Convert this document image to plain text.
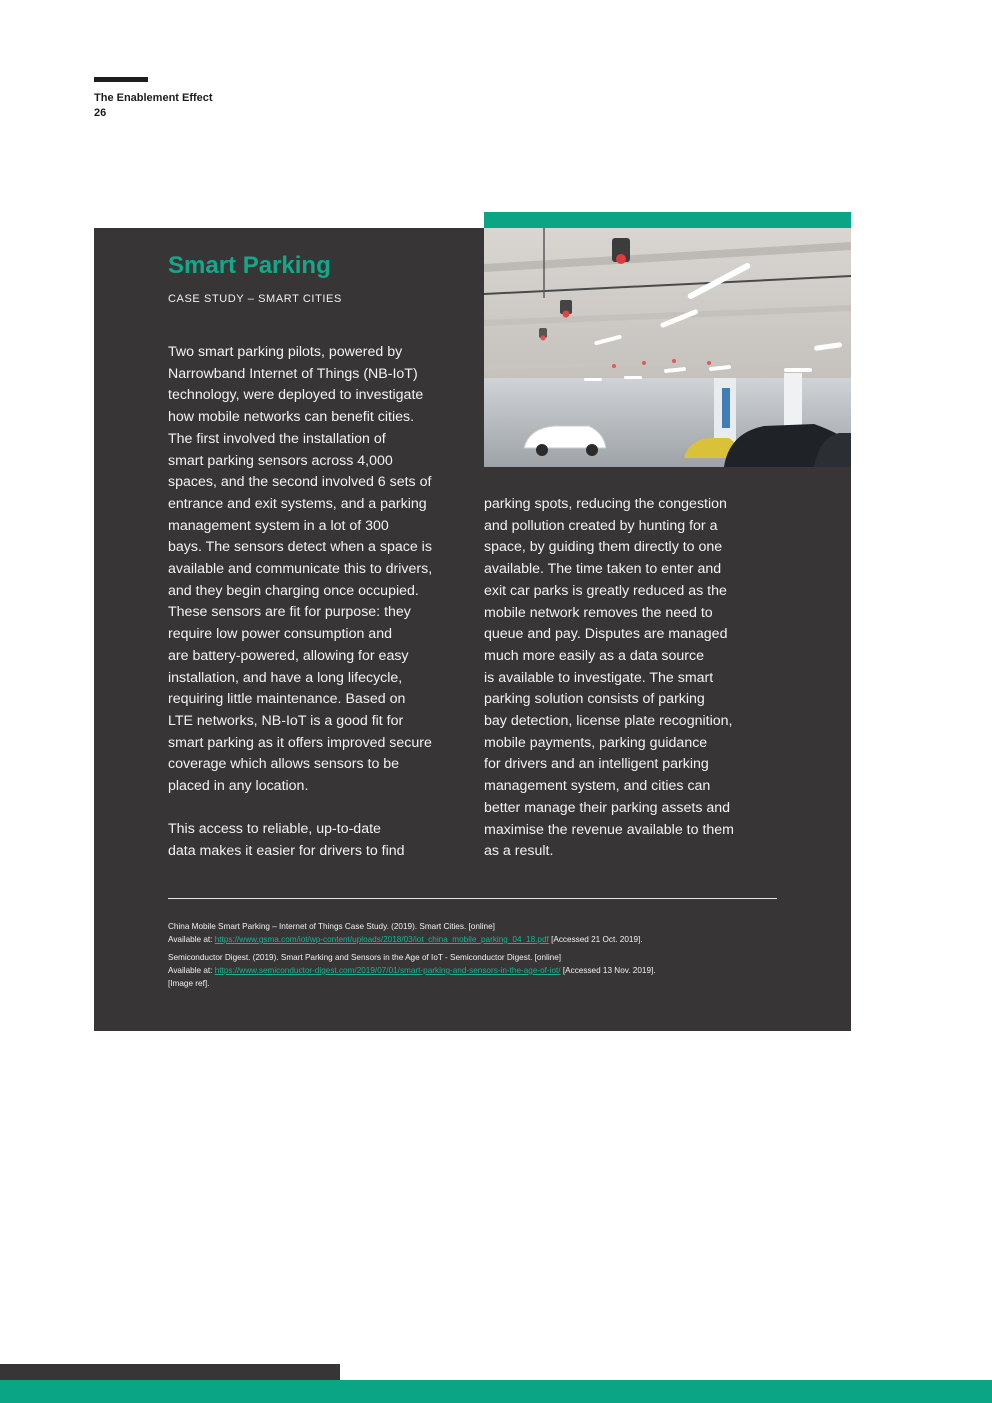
The Enablement Effect
26
Smart Parking
CASE STUDY – SMART CITIES

Two smart parking pilots, powered by
Narrowband Internet of Things (NB-IoT)
technology, were deployed to investigate
how mobile networks can benefit cities.
The first involved the installation of
smart parking sensors across 4,000
spaces, and the second involved 6 sets of
entrance and exit systems, and a parking
management system in a lot of 300
bays. The sensors detect when a space is
available and communicate this to drivers,
and they begin charging once occupied.
These sensors are fit for purpose: they
require low power consumption and
are battery-powered, allowing for easy
installation, and have a long lifecycle,
requiring little maintenance. Based on
LTE networks, NB-IoT is a good fit for
smart parking as it offers improved secure
coverage which allows sensors to be
placed in any location.

This access to reliable, up-to-date
data makes it easier for drivers to find

parking spots, reducing the congestion
and pollution created by hunting for a
space, by guiding them directly to one
available. The time taken to enter and
exit car parks is greatly reduced as the
mobile network removes the need to
queue and pay. Disputes are managed
much more easily as a data source
is available to investigate. The smart
parking solution consists of parking
bay detection, license plate recognition,
mobile payments, parking guidance
for drivers and an intelligent parking
management system, and cities can
better manage their parking assets and
maximise the revenue available to them
as a result.

China Mobile Smart Parking – Internet of Things Case Study. (2019). Smart Cities. [online]
Available at: https://www.gsma.com/iot/wp-content/uploads/2018/03/iot_china_mobile_parking_04_18.pdf [Accessed 21 Oct. 2019].
Semiconductor Digest. (2019). Smart Parking and Sensors in the Age of IoT - Semiconductor Digest. [online]
Available at: https://www.semiconductor-digest.com/2019/07/01/smart-parking-and-sensors-in-the-age-of-iot/ [Accessed 13 Nov. 2019].
[Image ref].
